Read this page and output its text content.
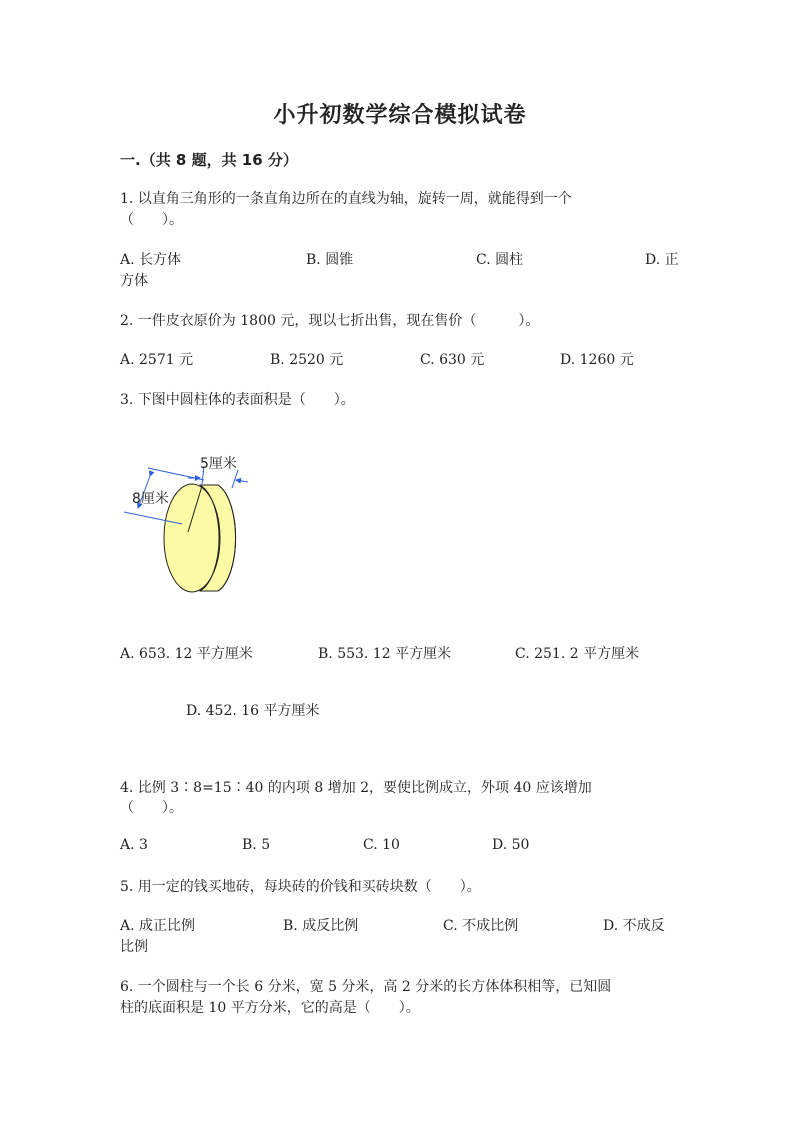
小升初数学综合模拟试卷
一.（共 8 题，共 16 分）
1. 以直角三角形的一条直角边所在的直线为轴，旋转一周，就能得到一个
（　　）。
A. 长方体	B. 圆锥	C. 圆柱	D. 正
方体
2. 一件皮衣原价为 1800 元，现以七折出售，现在售价（　　　）。
A. 2571 元	B. 2520 元	C. 630 元	D. 1260 元
3. 下图中圆柱体的表面积是（　　）。
5厘米
8厘米
A. 653. 12 平方厘米	B. 553. 12 平方厘米	C. 251. 2 平方厘米
D. 452. 16 平方厘米
4. 比例 3∶8=15∶40 的内项 8 增加 2，要使比例成立，外项 40 应该增加
（　　）。
A. 3	B. 5	C. 10	D. 50
5. 用一定的钱买地砖，每块砖的价钱和买砖块数（　　）。
A. 成正比例	B. 成反比例	C. 不成比例	D. 不成反
比例
6. 一个圆柱与一个长 6 分米，宽 5 分米，高 2 分米的长方体体积相等，已知圆
柱的底面积是 10 平方分米，它的高是（　　）。
